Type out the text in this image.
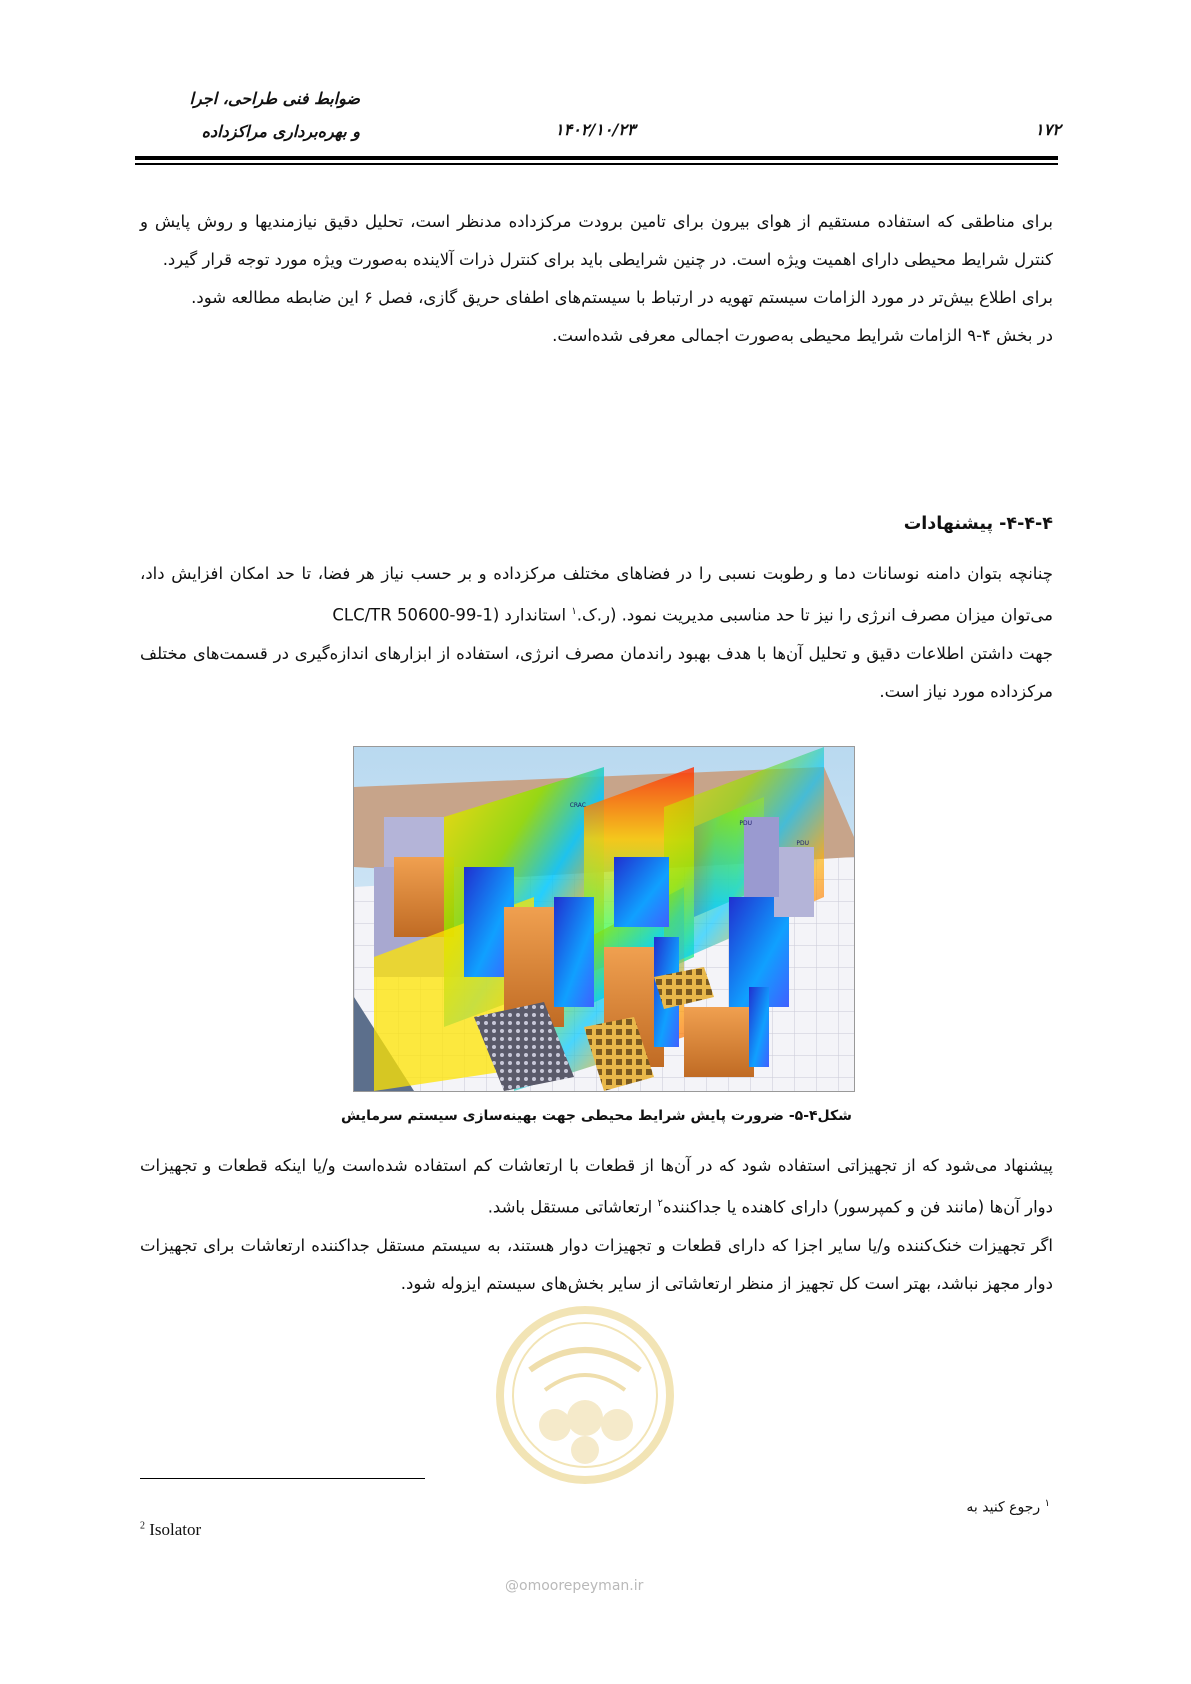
ضوابط فنی طراحی، اجرا
و بهره‌برداری مراکزداده	۱۴۰۲/۱۰/۲۳	۱۷۲

برای مناطقی که استفاده مستقیم از هوای بیرون برای تامین برودت مرکزداده مدنظر است، تحلیل دقیق نیازمندیها و روش پایش و کنترل شرایط محیطی دارای اهمیت ویژه است. در چنین شرایطی باید برای کنترل ذرات آلاینده به‌صورت ویژه مورد توجه قرار گیرد.

برای اطلاع بیش‌تر در مورد الزامات سیستم تهویه در ارتباط با سیستم‌های اطفای حریق گازی، فصل ۶ این ضابطه مطالعه شود.

در بخش ۴-۹ الزامات شرایط محیطی به‌صورت اجمالی معرفی شده‌است.

۴-۴-۴- پیشنهادات

چنانچه بتوان دامنه نوسانات دما و رطوبت نسبی را در فضاهای مختلف مرکزداده و بر حسب نیاز هر فضا، تا حد امکان افزایش داد، می‌توان میزان مصرف انرژی را نیز تا حد مناسبی مدیریت نمود. (ر.ک.$^۱$ استاندارد CLC/TR 50600-99-1)

جهت داشتن اطلاعات دقیق و تحلیل آن‌ها با هدف بهبود راندمان مصرف انرژی، استفاده از ابزارهای اندازه‌گیری در قسمت‌های مختلف مرکزداده مورد نیاز است.

PDU
PDU
CRAC
شکل۴-۵- ضرورت پایش شرایط محیطی جهت بهینه‌سازی سیستم سرمایش

پیشنهاد می‌شود که از تجهیزاتی استفاده شود که در آن‌ها از قطعات با ارتعاشات کم استفاده شده‌است و/یا اینکه قطعات و تجهیزات دوار آن‌ها (مانند فن و کمپرسور) دارای کاهنده یا جداکننده$^۲$ ارتعاشاتی مستقل باشد.

اگر تجهیزات خنک‌کننده و/یا سایر اجزا که دارای قطعات و تجهیزات دوار هستند، به سیستم مستقل جداکننده ارتعاشات برای تجهیزات دوار مجهز نباشد، بهتر است کل تجهیز از منظر ارتعاشاتی از سایر بخش‌های سیستم ایزوله شود.

@omoorepeyman.ir
$^۱$ رجوع کنید به
$^2$ Isolator
